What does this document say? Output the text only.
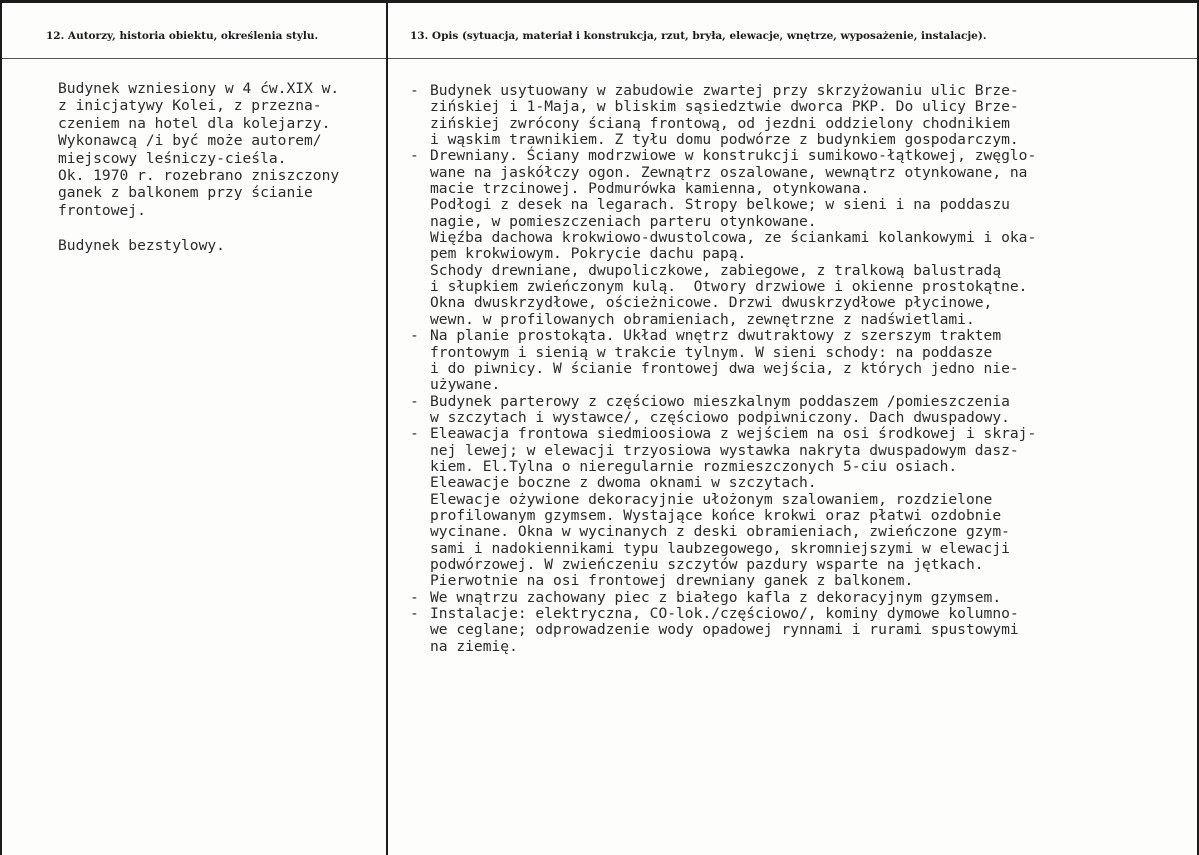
12. Autorzy, historia obiektu, określenia stylu.	13. Opis (sytuacja, materiał i konstrukcja, rzut, bryła, elewacje, wnętrze, wyposażenie, instalacje).
Budynek wzniesiony w 4 ćw.XIX w.
z inicjatywy Kolei, z przezna-
czeniem na hotel dla kolejarzy.
Wykonawcą /i być może autorem/
miejscowy leśniczy-cieśla.
Ok. 1970 r. rozebrano zniszczony
ganek z balkonem przy ścianie
frontowej.
Budynek bezstylowy.
- Budynek usytuowany w zabudowie zwartej przy skrzyżowaniu ulic Brze-
zińskiej i 1-Maja, w bliskim sąsiedztwie dworca PKP. Do ulicy Brze-
zińskiej zwrócony ścianą frontową, od jezdni oddzielony chodnikiem
i wąskim trawnikiem. Z tyłu domu podwórze z budynkiem gospodarczym.
- Drewniany. Ściany modrzwiowe w konstrukcji sumikowo-łątkowej, zwęglo-
wane na jaskółczy ogon. Zewnątrz oszalowane, wewnątrz otynkowane, na
macie trzcinowej. Podmurówka kamienna, otynkowana.
Podłogi z desek na legarach. Stropy belkowe; w sieni i na poddaszu
nagie, w pomieszczeniach parteru otynkowane.
Więźba dachowa krokwiowo-dwustolcowa, ze ściankami kolankowymi i oka-
pem krokwiowym. Pokrycie dachu papą.
Schody drewniane, dwupoliczkowe, zabiegowe, z tralkową balustradą
i słupkiem zwieńczonym kulą.  Otwory drzwiowe i okienne prostokątne.
Okna dwuskrzydłowe, ościeżnicowe. Drzwi dwuskrzydłowe płycinowe,
wewn. w profilowanych obramieniach, zewnętrzne z nadświetlami.
- Na planie prostokąta. Układ wnętrz dwutraktowy z szerszym traktem
frontowym i sienią w trakcie tylnym. W sieni schody: na poddasze
i do piwnicy. W ścianie frontowej dwa wejścia, z których jedno nie-
używane.
- Budynek parterowy z częściowo mieszkalnym poddaszem /pomieszczenia
w szczytach i wystawce/, częściowo podpiwniczony. Dach dwuspadowy.
- Eleawacja frontowa siedmioosiowa z wejściem na osi środkowej i skraj-
nej lewej; w elewacji trzyosiowa wystawka nakryta dwuspadowym dasz-
kiem. El.Tylna o nieregularnie rozmieszczonych 5-ciu osiach.
Eleawacje boczne z dwoma oknami w szczytach.
Elewacje ożywione dekoracyjnie ułożonym szalowaniem, rozdzielone
profilowanym gzymsem. Wystające końce krokwi oraz płatwi ozdobnie
wycinane. Okna w wycinanych z deski obramieniach, zwieńczone gzym-
sami i nadokiennikami typu laubzegowego, skromniejszymi w elewacji
podwórzowej. W zwieńczeniu szczytów pazdury wsparte na jętkach.
Pierwotnie na osi frontowej drewniany ganek z balkonem.
- We wnątrzu zachowany piec z białego kafla z dekoracyjnym gzymsem.
- Instalacje: elektryczna, CO-lok./częściowo/, kominy dymowe kolumno-
we ceglane; odprowadzenie wody opadowej rynnami i rurami spustowymi
na ziemię.
